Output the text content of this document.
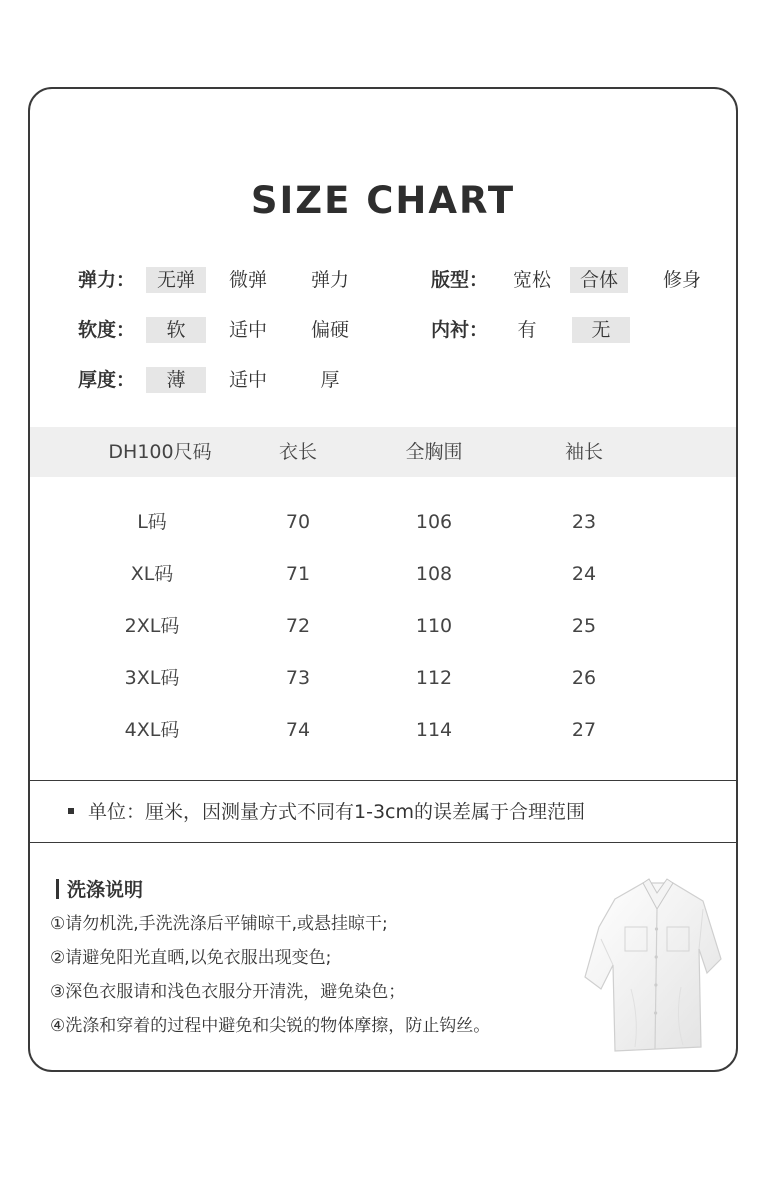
SIZE CHART
弹力：	无弹	微弹	弹力	版型：	宽松	合体	修身
软度：	软	适中	偏硬	内衬：	有	无
厚度：	薄	适中	厚
DH100尺码	衣长	全胸围	袖长
L码	70	106	23
XL码	71	108	24
2XL码	72	110	25
3XL码	73	112	26
4XL码	74	114	27
单位：厘米，因测量方式不同有1-3cm的误差属于合理范围
洗涤说明
①请勿机洗,手洗洗涤后平铺晾干,或悬挂晾干;
②请避免阳光直晒,以免衣服出现变色;
③深色衣服请和浅色衣服分开清洗，避免染色；
④洗涤和穿着的过程中避免和尖锐的物体摩擦，防止钩丝。
